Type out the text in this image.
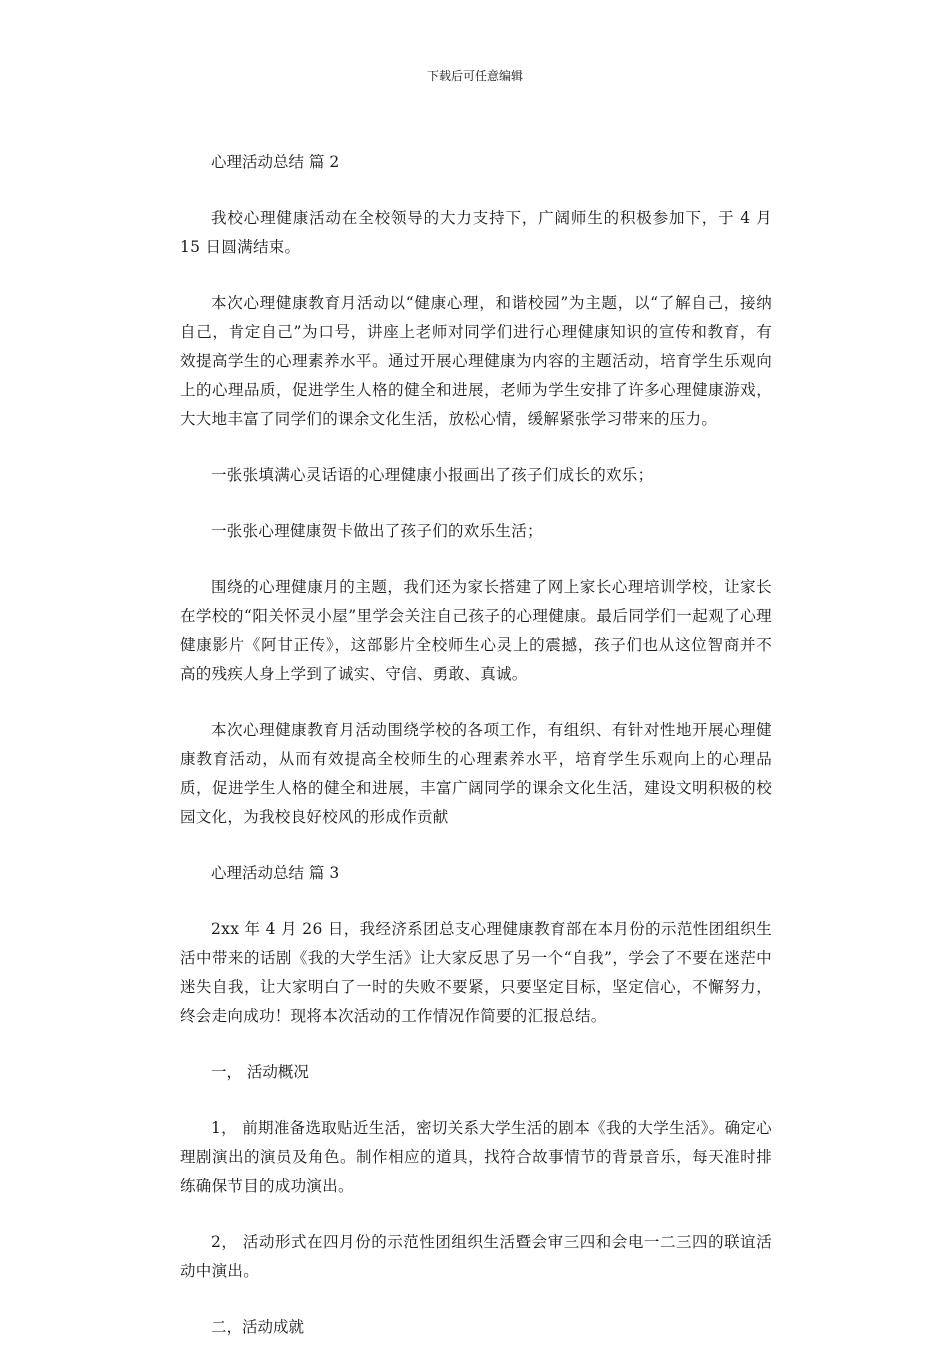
下载后可任意编辑
心理活动总结 篇 2

我校心理健康活动在全校领导的大力支持下，广阔师生的积极参加下，于 4 月 15 日圆满结束。

本次心理健康教育月活动以“健康心理，和谐校园”为主题，以“了解自己，接纳自己，肯定自己”为口号，讲座上老师对同学们进行心理健康知识的宣传和教育，有效提高学生的心理素养水平。通过开展心理健康为内容的主题活动，培育学生乐观向上的心理品质，促进学生人格的健全和进展，老师为学生安排了许多心理健康游戏，大大地丰富了同学们的课余文化生活，放松心情，缓解紧张学习带来的压力。

一张张填满心灵话语的心理健康小报画出了孩子们成长的欢乐；

一张张心理健康贺卡做出了孩子们的欢乐生活；

围绕的心理健康月的主题，我们还为家长搭建了网上家长心理培训学校，让家长在学校的“阳关怀灵小屋”里学会关注自己孩子的心理健康。最后同学们一起观了心理健康影片《阿甘正传》，这部影片全校师生心灵上的震撼，孩子们也从这位智商并不高的残疾人身上学到了诚实、守信、勇敢、真诚。

本次心理健康教育月活动围绕学校的各项工作，有组织、有针对性地开展心理健康教育活动，从而有效提高全校师生的心理素养水平，培育学生乐观向上的心理品质，促进学生人格的健全和进展，丰富广阔同学的课余文化生活，建设文明积极的校园文化，为我校良好校风的形成作贡献

心理活动总结 篇 3

2xx 年 4 月 26 日，我经济系团总支心理健康教育部在本月份的示范性团组织生活中带来的话剧《我的大学生活》让大家反思了另一个“自我”，学会了不要在迷茫中迷失自我，让大家明白了一时的失败不要紧，只要坚定目标，坚定信心，不懈努力，终会走向成功！现将本次活动的工作情况作简要的汇报总结。

一， 活动概况

1， 前期准备选取贴近生活，密切关系大学生活的剧本《我的大学生活》。确定心理剧演出的演员及角色。制作相应的道具，找符合故事情节的背景音乐，每天准时排练确保节目的成功演出。

2， 活动形式在四月份的示范性团组织生活暨会审三四和会电一二三四的联谊活动中演出。

二，活动成就
